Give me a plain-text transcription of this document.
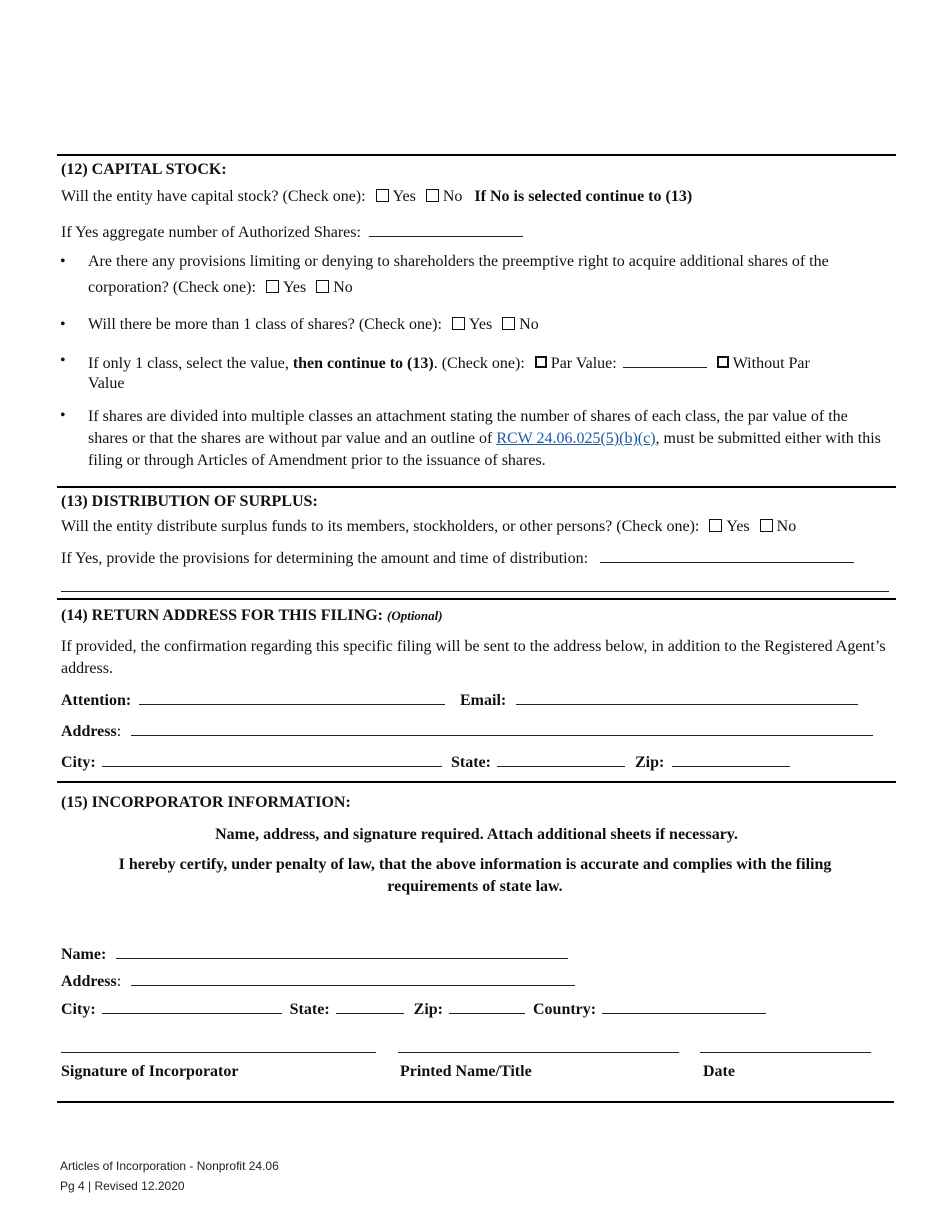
(12) CAPITAL STOCK:
Will the entity have capital stock? (Check one): Yes No If No is selected continue to (13)
If Yes aggregate number of Authorized Shares:
• Are there any provisions limiting or denying to shareholders the preemptive right to acquire additional shares of the
corporation? (Check one): Yes No
• Will there be more than 1 class of shares? (Check one): Yes No
• If only 1 class, select the value, then continue to (13). (Check one): Par Value:	Without Par
Value
• If shares are divided into multiple classes an attachment stating the number of shares of each class, the par value of the shares or that the shares are without par value and an outline of RCW 24.06.025(5)(b)(c), must be submitted either with this filing or through Articles of Amendment prior to the issuance of shares.
(13) DISTRIBUTION OF SURPLUS:
Will the entity distribute surplus funds to its members, stockholders, or other persons? (Check one): Yes No
If Yes, provide the provisions for determining the amount and time of distribution:
(14) RETURN ADDRESS FOR THIS FILING: (Optional)
If provided, the confirmation regarding this specific filing will be sent to the address below, in addition to the Registered Agent’s address.
Attention:	Email:
Address:
City:	State:	Zip:
(15) INCORPORATOR INFORMATION:
Name, address, and signature required. Attach additional sheets if necessary.
I hereby certify, under penalty of law, that the above information is accurate and complies with the filing requirements of state law.
Name:
Address:
City:	State:	Zip:	Country:
Signature of Incorporator	Printed Name/Title	Date
Articles of Incorporation - Nonprofit 24.06
Pg 4 | Revised 12.2020
